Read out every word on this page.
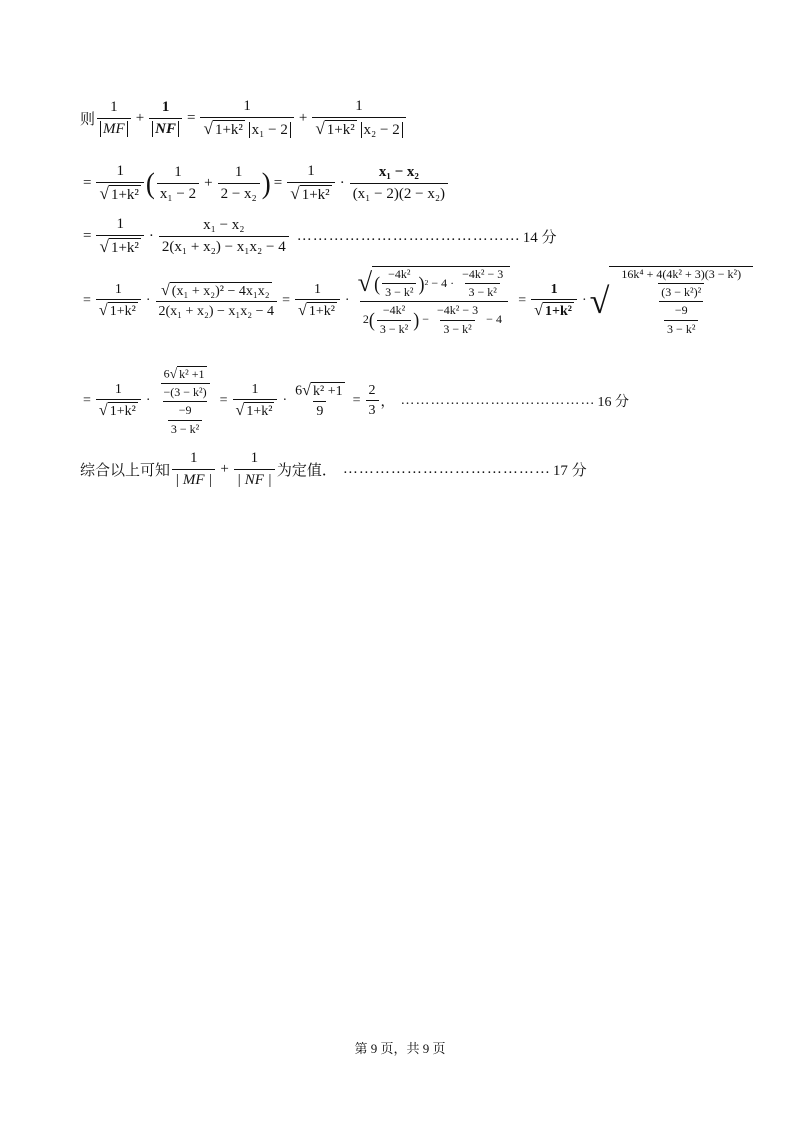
则 $\frac{1}{MF} + \frac{1}{NF} = \frac{1}{\text{√ 1+k² x₁ − 2}} + \frac{1}{\text{√ 1+k² x₂ − 2}}$
= $\frac{1}{\text{√ 1+k²}}$ ( $\frac{1}{\text{x₁ − 2}} + \frac{1}{\text{2 − x₂}}$ ) = $\frac{1}{\text{√ 1+k²}} \cdot \frac{\text{x₁ − x₂}}{\text{(x₁ − 2)(2 − x₂)}}$
= $\frac{1}{\text{√ 1+k²}} \cdot \frac{\text{x₁ − x₂}}{\text{2(x₁ + x₂) − x₁x₂ − 4}}$ …………………………………… 14 分
= $\frac{1}{\text{√ 1+k²}} \cdot \frac{\text{√ (x₁ + x₂)² − 4x₁x₂}}{\text{2(x₁ + x₂) − x₁x₂ − 4}} = \frac{1}{\text{√ 1+k²}}$ ·
√ ( $\frac{\text{−4k²}}{\text{3 − k²}}$ ) $2 - 4 \cdot \frac{\text{−4k² − 3}}{\text{3 − k²}}$
2 ( $\frac{\text{−4k²}}{\text{3 − k²}}$ ) − $\frac{\text{−4k² − 3}}{\text{3 − k²}} - 4$
= $\frac{1}{\text{√ 1+k²}}$ · √ $\frac{\frac{\text{16k⁴ + 4(4k² + 3)(3 − k²)}}{\text{(3 − k²)²}}}{\frac{-9}{\text{3 − k²}}}$
= $\frac{1}{\text{√ 1+k²}} \cdot \frac{\frac{\text{6 √ k² +1}}{\text{−(3 − k²)}}}{\frac{-9}{\text{3 − k²}}} = \frac{1}{\text{√ 1+k²}} \cdot \frac{\text{6 √ k² +1}}{9} = \frac{2}{3}$ ， ………………………………… 16 分
综合以上可知 $\frac{1}{| MF |} + \frac{1}{| NF |}$ 为定值． ………………………………… 17 分
第 9 页，共 9 页
